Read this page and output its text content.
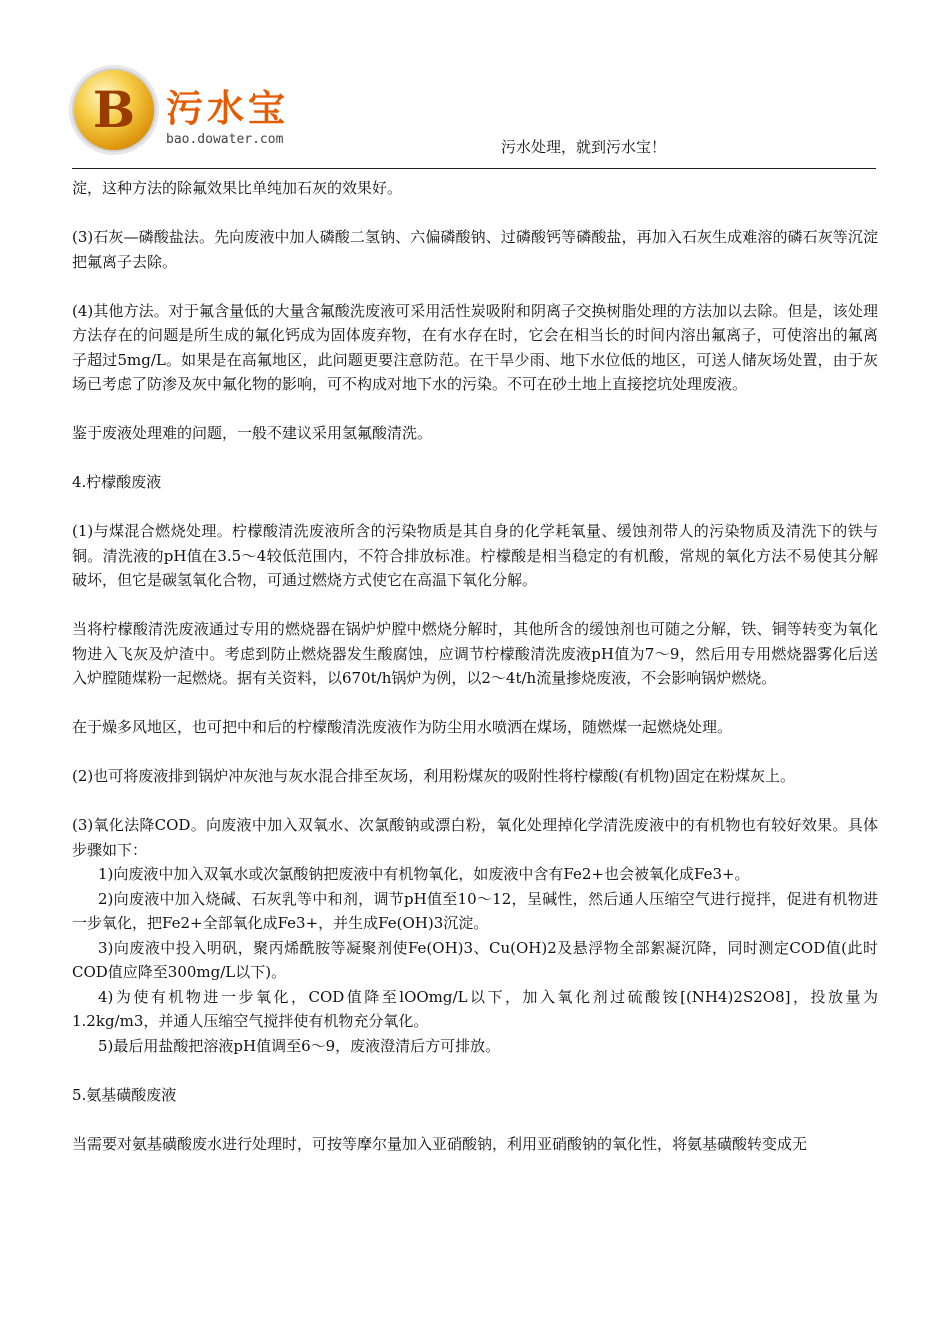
B 污水宝
bao.dowater.com	污水处理，就到污水宝！

淀，这种方法的除氟效果比单纯加石灰的效果好。

(3)石灰—磷酸盐法。先向废液中加人磷酸二氢钠、六偏磷酸钠、过磷酸钙等磷酸盐，再加入石灰生成难溶的磷石灰等沉淀把氟离子去除。

(4)其他方法。对于氟含量低的大量含氟酸洗废液可采用活性炭吸附和阴离子交换树脂处理的方法加以去除。但是，该处理方法存在的问题是所生成的氟化钙成为固体废弃物，在有水存在时，它会在相当长的时间内溶出氟离子，可使溶出的氟离子超过5mg/L。如果是在高氟地区，此问题更要注意防范。在干旱少雨、地下水位低的地区，可送人储灰场处置，由于灰场已考虑了防渗及灰中氟化物的影响，可不构成对地下水的污染。不可在砂土地上直接挖坑处理废液。

鉴于废液处理难的问题，一般不建议采用氢氟酸清洗。

4.柠檬酸废液

(1)与煤混合燃烧处理。柠檬酸清洗废液所含的污染物质是其自身的化学耗氧量、缓蚀剂带人的污染物质及清洗下的铁与铜。清洗液的pH值在3.5～4较低范围内，不符合排放标准。柠檬酸是相当稳定的有机酸，常规的氧化方法不易使其分解破坏，但它是碳氢氧化合物，可通过燃烧方式使它在高温下氧化分解。

当将柠檬酸清洗废液通过专用的燃烧器在锅炉炉膛中燃烧分解时，其他所含的缓蚀剂也可随之分解，铁、铜等转变为氧化物进入飞灰及炉渣中。考虑到防止燃烧器发生酸腐蚀，应调节柠檬酸清洗废液pH值为7～9，然后用专用燃烧器雾化后送入炉膛随煤粉一起燃烧。据有关资料，以670t/h锅炉为例，以2～4t/h流量掺烧废液，不会影响锅炉燃烧。

在于燥多风地区，也可把中和后的柠檬酸清洗废液作为防尘用水喷洒在煤场，随燃煤一起燃烧处理。

(2)也可将废液排到锅炉冲灰池与灰水混合排至灰场，利用粉煤灰的吸附性将柠檬酸(有机物)固定在粉煤灰上。

(3)氧化法降COD。向废液中加入双氧水、次氯酸钠或漂白粉，氧化处理掉化学清洗废液中的有机物也有较好效果。具体步骤如下：

1)向废液中加入双氧水或次氯酸钠把废液中有机物氧化，如废液中含有Fe2+也会被氧化成Fe3+。

2)向废液中加入烧碱、石灰乳等中和剂，调节pH值至10～12，呈碱性，然后通人压缩空气进行搅拌，促进有机物进一步氧化，把Fe2+全部氧化成Fe3+，并生成Fe(OH)3沉淀。

3)向废液中投入明矾，聚丙烯酰胺等凝聚剂使Fe(OH)3、Cu(OH)2及悬浮物全部絮凝沉降，同时测定COD值(此时COD值应降至300mg/L以下)。

4)为使有机物进一步氧化，COD值降至lOOmg/L以下，加入氧化剂过硫酸铵[(NH4)2S2O8]，投放量为1.2kg/m3，并通人压缩空气搅拌使有机物充分氧化。

5)最后用盐酸把溶液pH值调至6～9，废液澄清后方可排放。

5.氨基磺酸废液

当需要对氨基磺酸废水进行处理时，可按等摩尔量加入亚硝酸钠，利用亚硝酸钠的氧化性，将氨基磺酸转变成无
